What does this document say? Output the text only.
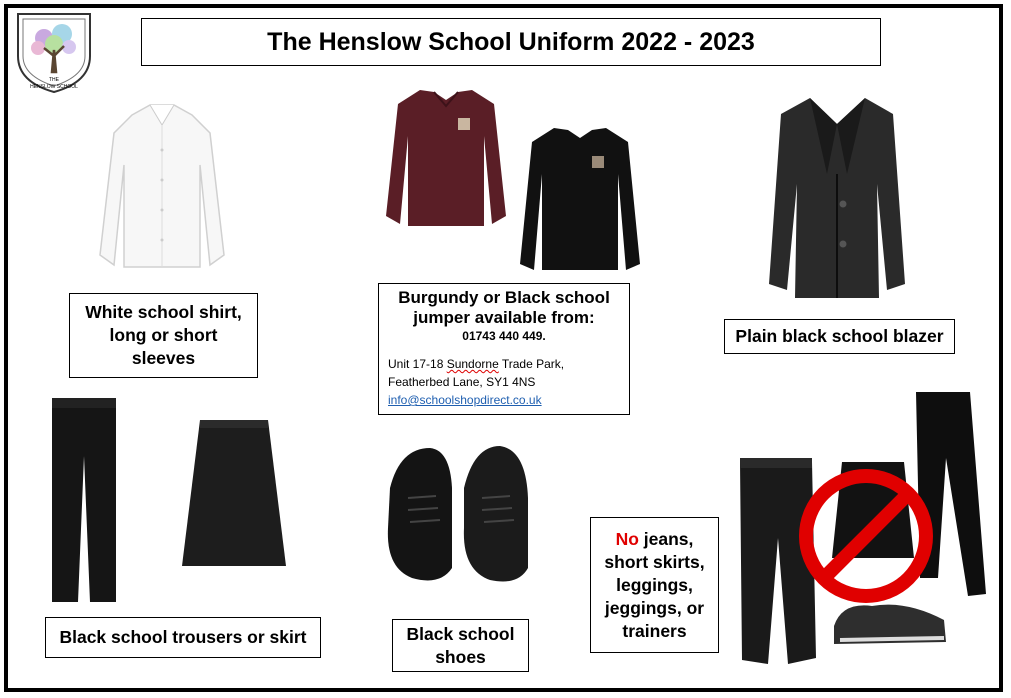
THE
HENSLOW SCHOOL
The Henslow School Uniform 2022 - 2023
White school shirt,
long or short
sleeves
Burgundy or Black school
jumper available from:
01743 440 449.
Unit 17-18 Sundorne Trade Park,
Featherbed Lane, SY1 4NS
info@schoolshopdirect.co.uk
Plain black school blazer
Black school trousers or skirt	Black school
shoes
No jeans,
short skirts,
leggings,
jeggings, or
trainers
